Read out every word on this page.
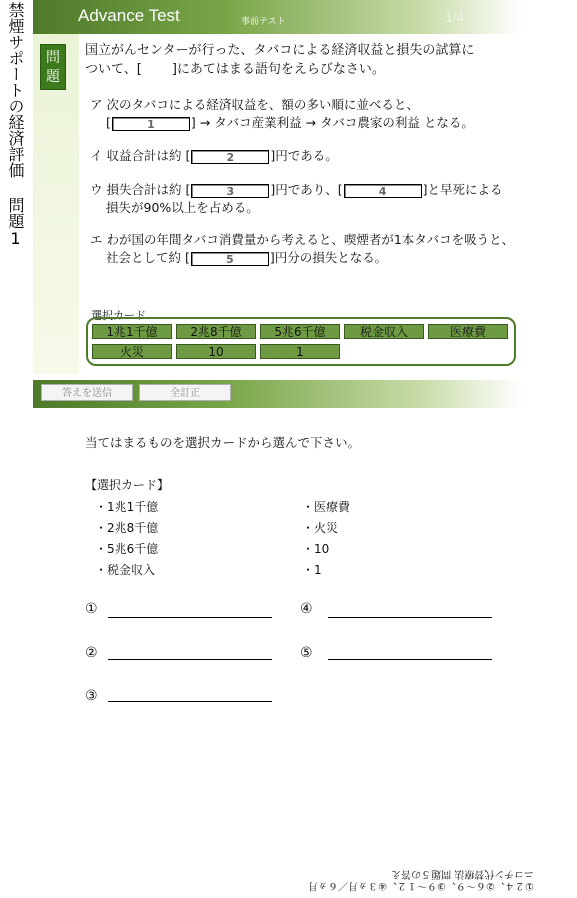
禁煙サポートの経済評価 問題1	Advance Test	事前テスト	1/4
問題
国立がんセンターが行った、タバコによる経済収益と損失の試算に
ついて、[ ]にあてはまる語句をえらびなさい。
ア 次のタバコによる経済収益を、額の多い順に並べると、
[	1	] → タバコ産業利益 → タバコ農家の利益 となる。
イ 収益合計は約 [	2	]円である。
ウ 損失合計は約 [	3	]円であり、[	4	]と早死による
損失が90%以上を占める。
エ わが国の年間タバコ消費量から考えると、喫煙者が1本タバコを吸うと、
社会として約 [	5	]円分の損失となる。
選択カード
1兆1千億	2兆8千億	5兆6千億	税金収入	医療費
火災	10	1
答えを送信	全訂正
当てはまるものを選択カードから選んで下さい。
【選択カード】
・1兆1千億
・2兆8千億
・5兆6千億
・税金収入
・医療費
・火災
・10
・1
①
②
③
④
⑤
①２４、②６～９、③９～１２、④３ヵ月／６ヵ月
ニコチン代替療法 問題５の答え
